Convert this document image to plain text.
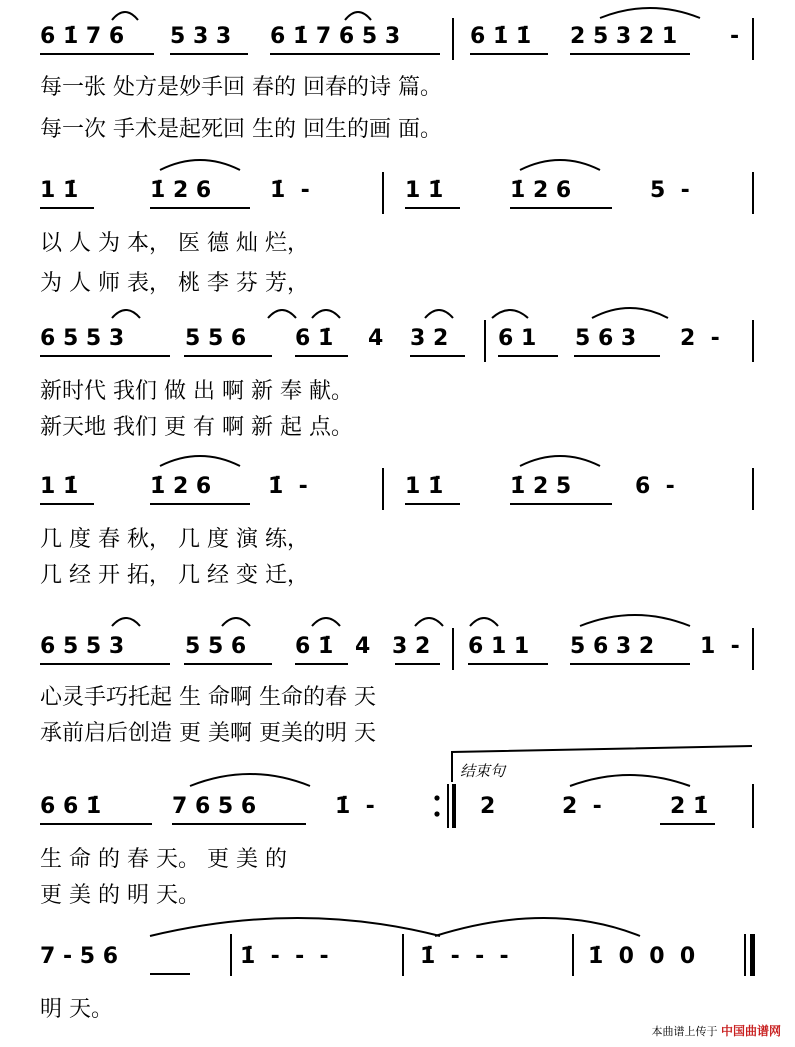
6 1̇ 7 6 5 3 3 6 1̇ 7 6 5 3	6 1̇ 1̇ 2 5 3 2 1 -
每一张 处方是妙手回 春的 回春的诗 篇。
每一次 手术是起死回 生的 回生的画 面。
1 1̇	1̇ 2 6	1̇  -	1 1̇	1̇ 2 6	5  -
以 人 为 本， 医 德 灿 烂，
为 人 师 表， 桃 李 芬 芳，
6 5 5 3	5 5 6 6 1̇ 4 3 2 6 1 5 6 3 2  -
新时代 我们 做 出 啊 新 奉 献。
新天地 我们 更 有 啊 新 起 点。
1 1̇	1̇ 2 6	1̇  -	1 1̇	1̇ 2 5	6  -
几 度 春 秋， 几 度 演 练，
几 经 开 拓， 几 经 变 迁，
6 5 5 3	5 5 6 6 1̇ 4 3 2 6 1 1 5 6 3 2 1  -
心灵手巧托起 生 命啊 生命的春 天
承前启后创造 更 美啊 更美的明 天
结束句
6 6 1̇	7 6 5 6	1̇  -	2	2  -	2 1̇
生 命 的 春 天。 更 美 的
更 美 的 明 天。
7 - 5 6	1̇  -  -  -	1̇  -  -  -	1̇  0  0  0
明 天。
本曲谱上传于 中国曲谱网
